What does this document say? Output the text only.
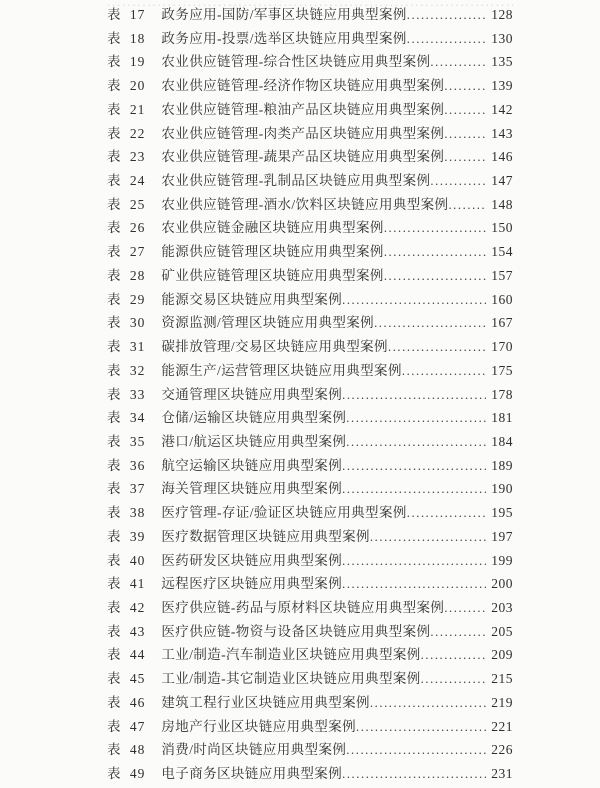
.....
表 17 政务应用-国防/军事区块链应用典型案例 .....	128
表 18 政务应用-投票/选举区块链应用典型案例 .....	130
表 19 农业供应链管理-综合性区块链应用典型案例 .....	135
表 20 农业供应链管理-经济作物区块链应用典型案例 .....	139
表 21 农业供应链管理-粮油产品区块链应用典型案例 .....	142
表 22 农业供应链管理-肉类产品区块链应用典型案例 .....	143
表 23 农业供应链管理-蔬果产品区块链应用典型案例 .....	146
表 24 农业供应链管理-乳制品区块链应用典型案例 .....	147
表 25 农业供应链管理-酒水/饮料区块链应用典型案例 .....	148
表 26 农业供应链金融区块链应用典型案例 .....	150
表 27 能源供应链管理区块链应用典型案例 .....	154
表 28 矿业供应链管理区块链应用典型案例 .....	157
表 29 能源交易区块链应用典型案例 .....	160
表 30 资源监测/管理区块链应用典型案例 .....	167
表 31 碳排放管理/交易区块链应用典型案例 .....	170
表 32 能源生产/运营管理区块链应用典型案例 .....	175
表 33 交通管理区块链应用典型案例 .....	178
表 34 仓储/运输区块链应用典型案例 .....	181
表 35 港口/航运区块链应用典型案例 .....	184
表 36 航空运输区块链应用典型案例 .....	189
表 37 海关管理区块链应用典型案例 .....	190
表 38 医疗管理-存证/验证区块链应用典型案例 .....	195
表 39 医疗数据管理区块链应用典型案例 .....	197
表 40 医药研发区块链应用典型案例 .....	199
表 41 远程医疗区块链应用典型案例 .....	200
表 42 医疗供应链-药品与原材料区块链应用典型案例 .....	203
表 43 医疗供应链-物资与设备区块链应用典型案例 .....	205
表 44 工业/制造-汽车制造业区块链应用典型案例 .....	209
表 45 工业/制造-其它制造业区块链应用典型案例 .....	215
表 46 建筑工程行业区块链应用典型案例 .....	219
表 47 房地产行业区块链应用典型案例 .....	221
表 48 消费/时尚区块链应用典型案例 .....	226
表 49 电子商务区块链应用典型案例 .....	231
.....
